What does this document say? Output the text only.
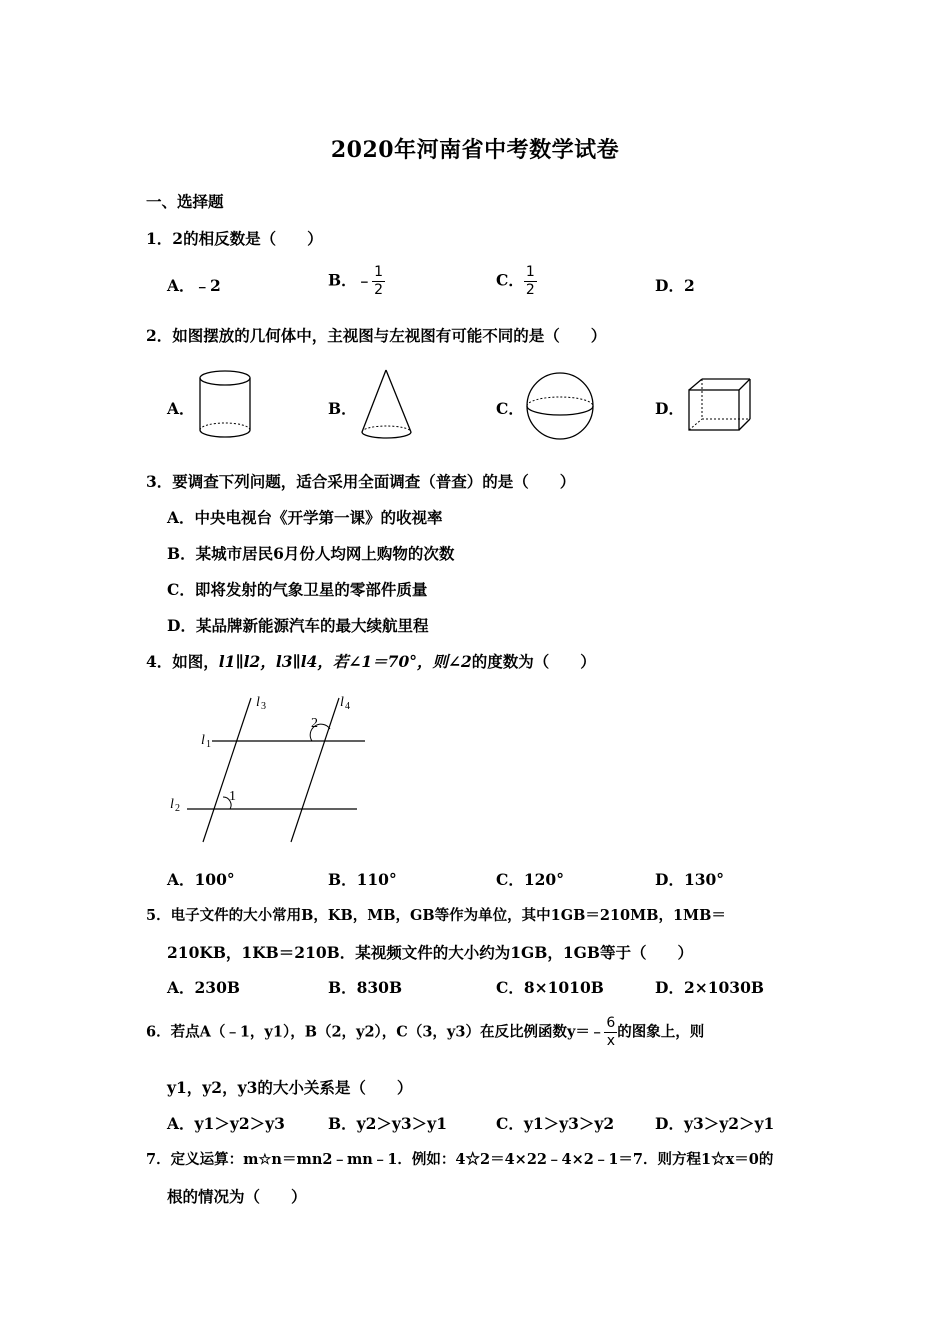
2020年河南省中考数学试卷
一、选择题
1．2的相反数是（　　）
A．﹣2	B．﹣ $\frac{1}{2}$	C． $\frac{1}{2}$	D．2
2．如图摆放的几何体中，主视图与左视图有可能不同的是（　　）
A．	B．	C．	D．
3．要调查下列问题，适合采用全面调查（普查）的是（　　）
A．中央电视台《开学第一课》的收视率
B．某城市居民6月份人均网上购物的次数
C．即将发射的气象卫星的零部件质量
D．某品牌新能源汽车的最大续航里程
4．如图，l1∥l2，l3∥l4，若∠1＝70°，则∠2的度数为（　　）
l 1
l 2
l 3	l 4
1
2
A．100°	B．110°	C．120°	D．130°
5．电子文件的大小常用B，KB，MB，GB等作为单位，其中1GB＝210MB，1MB＝
210KB，1KB＝210B．某视频文件的大小约为1GB，1GB等于（　　）
A．230B	B．830B	C．8×1010B	D．2×1030B
6．若点A（﹣1，y1），B（2，y2），C（3，y3）在反比例函数y＝﹣ $\frac{6}{x}$ 的图象上，则
y1，y2，y3的大小关系是（　　）
A．y1＞y2＞y3	B．y2＞y3＞y1	C．y1＞y3＞y2	D．y3＞y2＞y1
7．定义运算：m☆n＝mn2﹣mn﹣1．例如：4☆2＝4×22﹣4×2﹣1＝7．则方程1☆x＝0的
根的情况为（　　）
